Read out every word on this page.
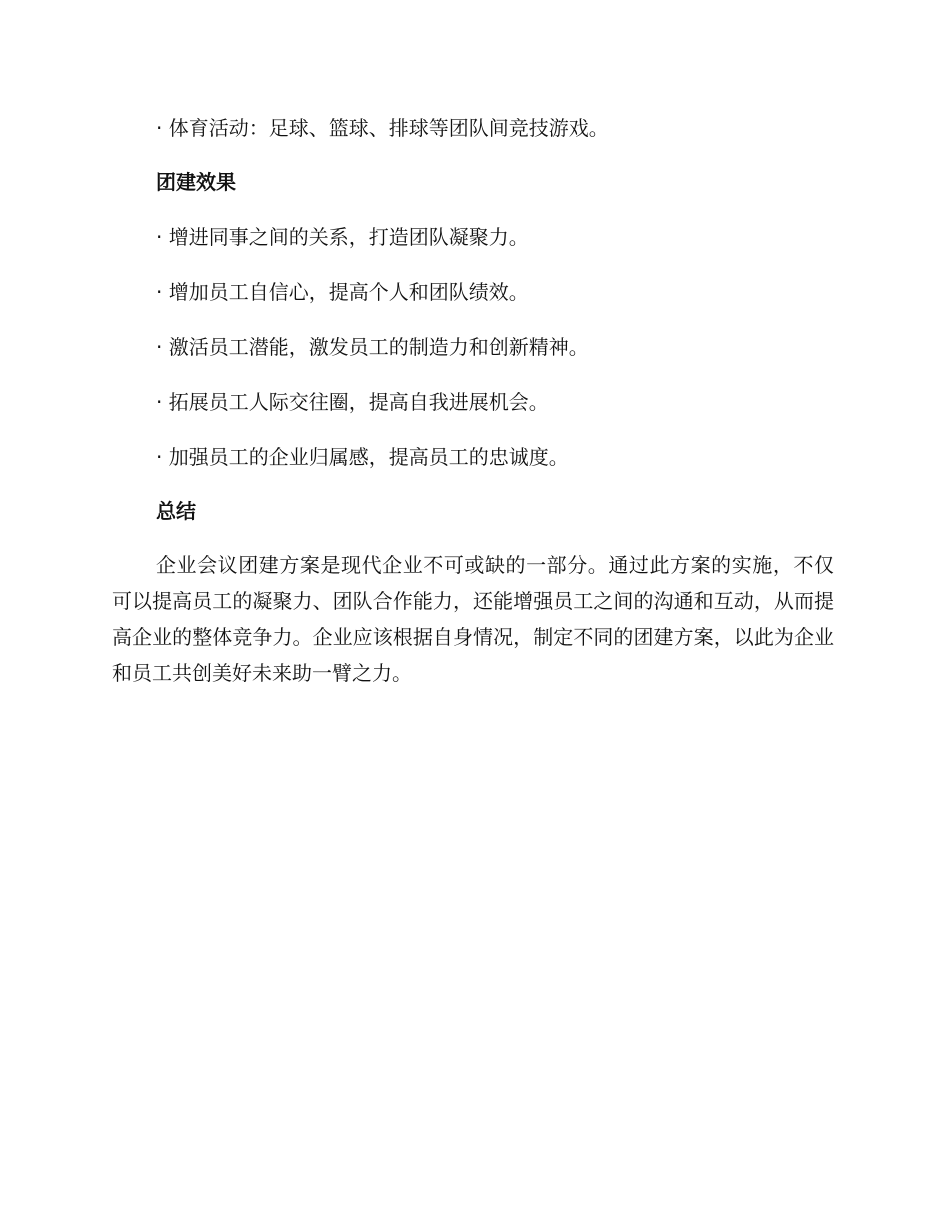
· 体育活动：足球、篮球、排球等团队间竞技游戏。
团建效果
· 增进同事之间的关系，打造团队凝聚力。
· 增加员工自信心，提高个人和团队绩效。
· 激活员工潜能，激发员工的制造力和创新精神。
· 拓展员工人际交往圈，提高自我进展机会。
· 加强员工的企业归属感，提高员工的忠诚度。
总结
企业会议团建方案是现代企业不可或缺的一部分。通过此方案的实施，不仅可以提高员工的凝聚力、团队合作能力，还能增强员工之间的沟通和互动，从而提高企业的整体竞争力。企业应该根据自身情况，制定不同的团建方案，以此为企业和员工共创美好未来助一臂之力。
